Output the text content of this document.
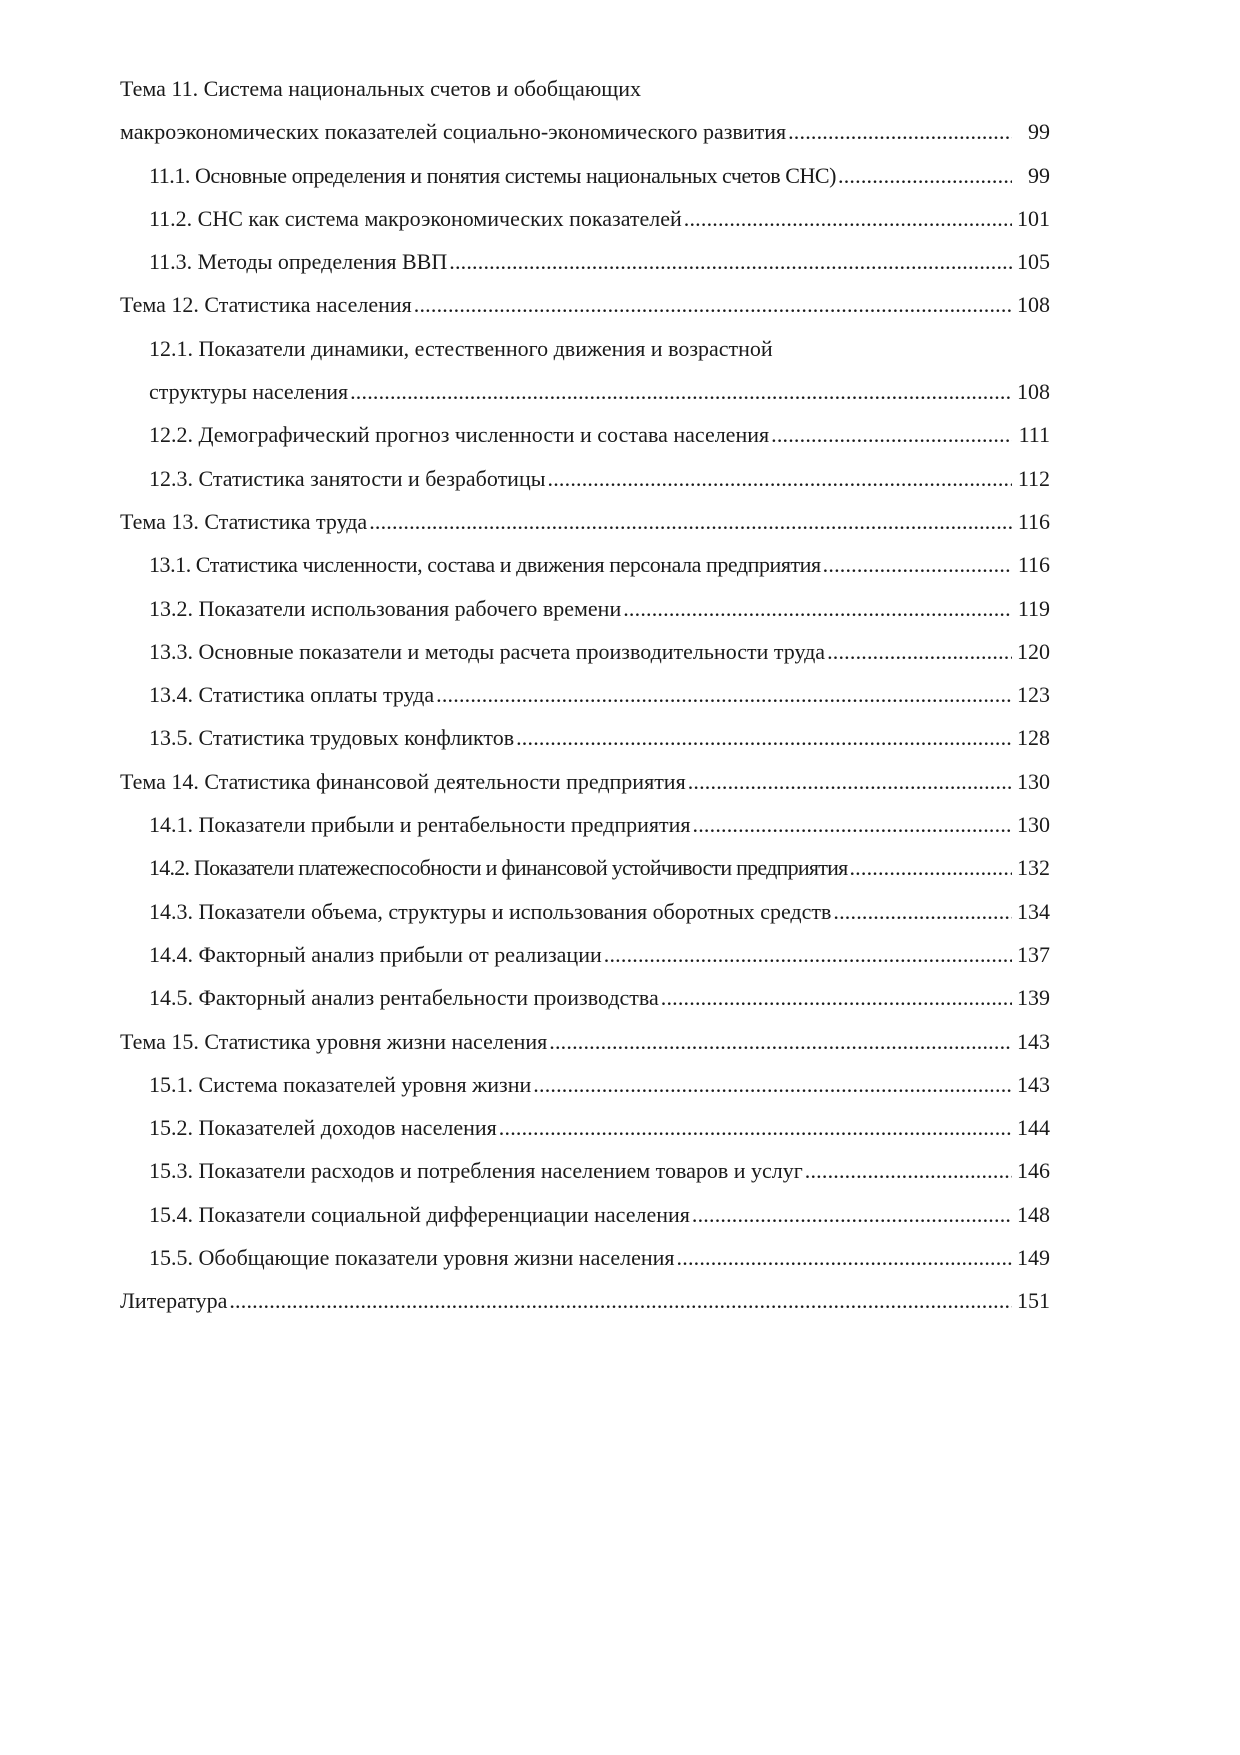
Тема 11. Система национальных счетов и обобщающих
макроэкономических показателей социально-экономического развития .....	99
11.1. Основные определения и понятия системы национальных счетов СНС) .....	99
11.2. СНС как система макроэкономических показателей .....	101
11.3. Методы определения ВВП .....	105
Тема 12. Статистика населения .....	108
12.1. Показатели динамики, естественного движения и возрастной
структуры населения .....	108
12.2. Демографический прогноз численности и состава населения .....	111
12.3. Статистика занятости и безработицы .....	112
Тема 13. Статистика труда .....	116
13.1. Статистика численности, состава и движения персонала предприятия .....	116
13.2. Показатели использования рабочего времени .....	119
13.3. Основные показатели и методы расчета производительности труда .....	120
13.4. Статистика оплаты труда .....	123
13.5. Статистика трудовых конфликтов .....	128
Тема 14. Статистика финансовой деятельности предприятия .....	130
14.1. Показатели прибыли и рентабельности предприятия .....	130
14.2. Показатели платежеспособности и финансовой устойчивости предприятия .....	132
14.3. Показатели объема, структуры и использования оборотных средств .....	134
14.4. Факторный анализ прибыли от реализации .....	137
14.5. Факторный анализ рентабельности производства .....	139
Тема 15. Статистика уровня жизни населения .....	143
15.1. Система показателей уровня жизни .....	143
15.2. Показателей доходов населения .....	144
15.3. Показатели расходов и потребления населением товаров и услуг .....	146
15.4. Показатели социальной дифференциации населения .....	148
15.5. Обобщающие показатели уровня жизни населения .....	149
Литература .....	151
